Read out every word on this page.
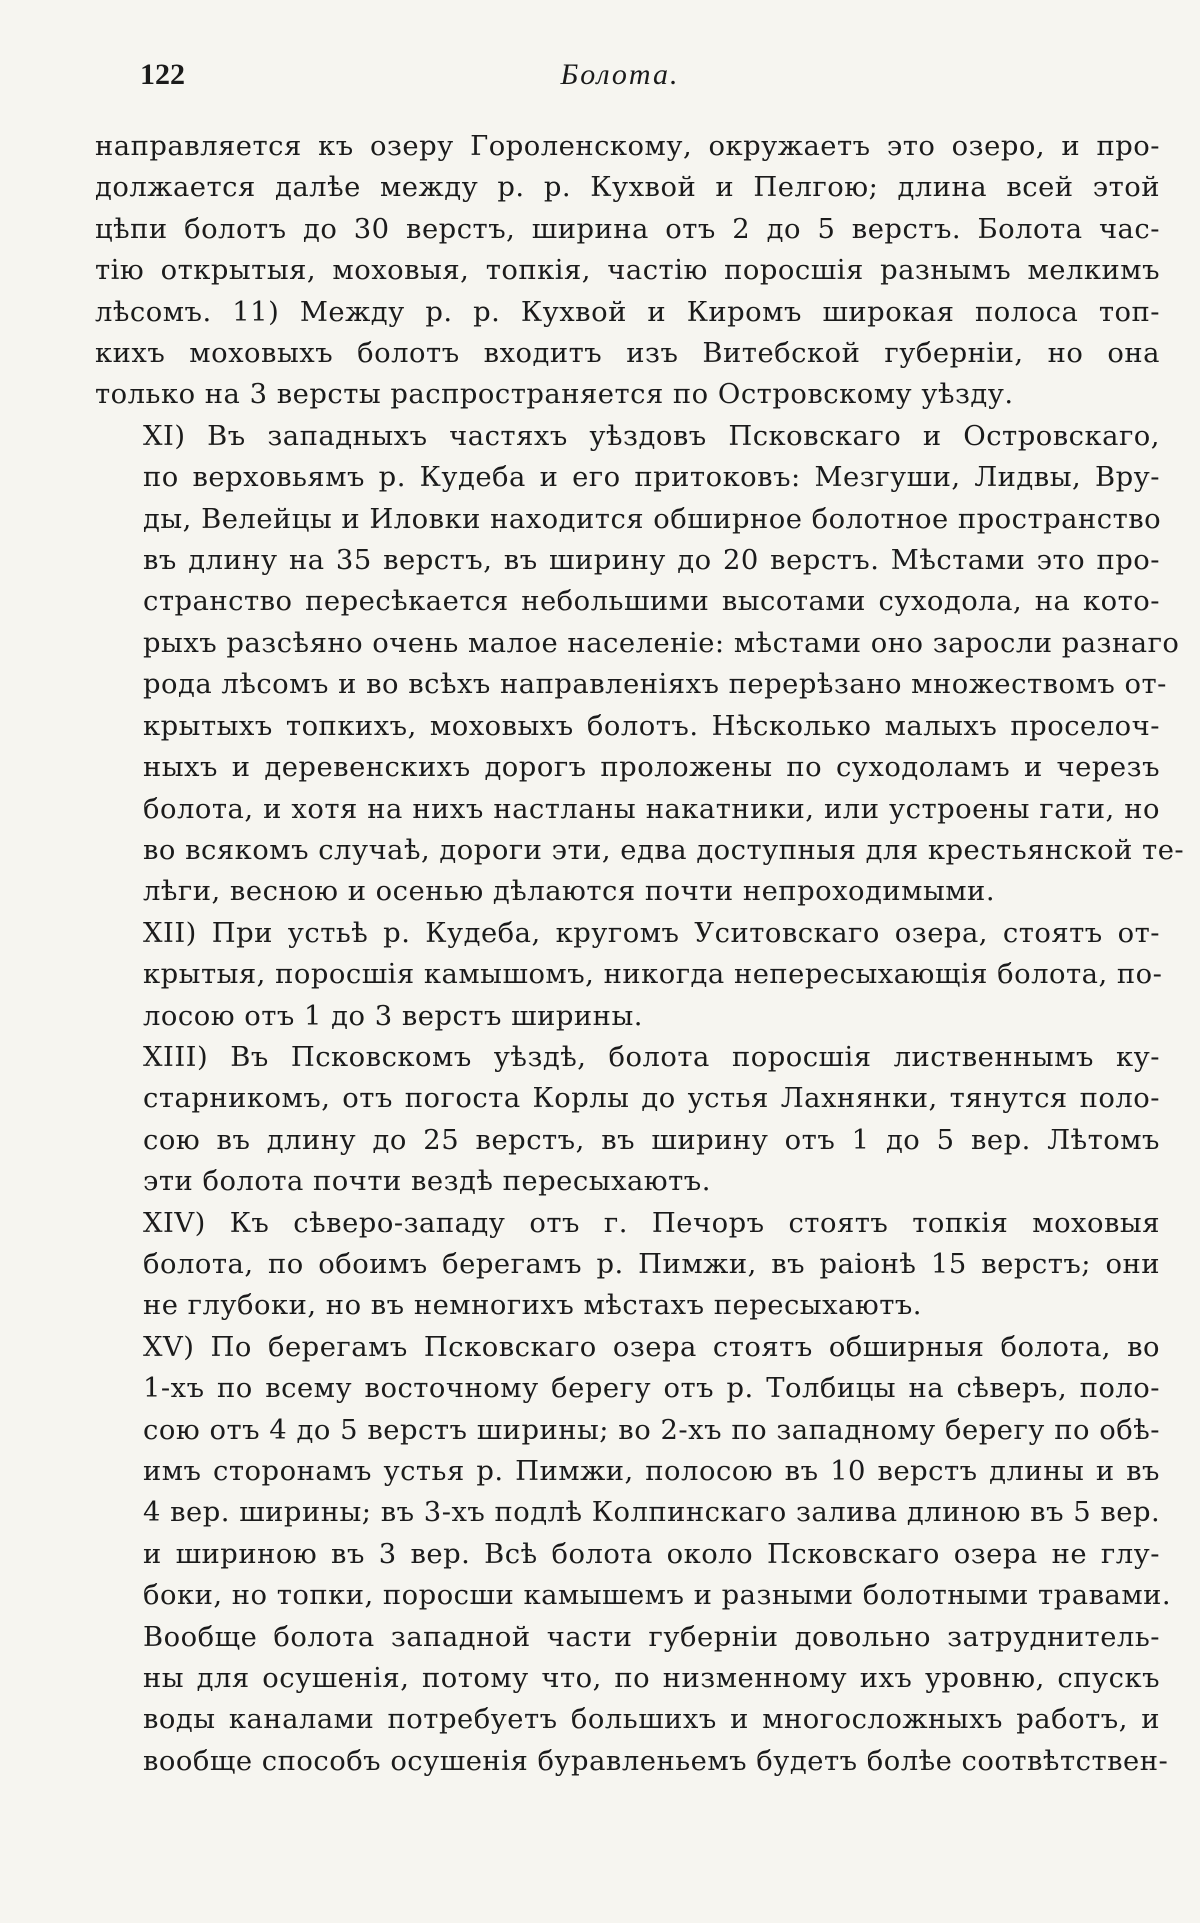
122	Болота.
направляется къ озеру Гороленскому, окружаетъ это озеро, и про-
должается далѣе между р. р. Кухвой и Пелгою; длина всей этой
цѣпи болотъ до 30 верстъ, ширина отъ 2 до 5 верстъ. Болота час-
тію открытыя, моховыя, топкія, частію поросшія разнымъ мелкимъ
лѣсомъ. 11) Между р. р. Кухвой и Киромъ широкая полоса топ-
кихъ моховыхъ болотъ входитъ изъ Витебской губерніи, но она
только на 3 версты распространяется по Островскому уѣзду.
XI) Въ западныхъ частяхъ уѣздовъ Псковскаго и Островскаго,
по верховьямъ р. Кудеба и его притоковъ: Мезгуши, Лидвы, Вру-
ды, Велейцы и Иловки находится обширное болотное пространство
въ длину на 35 верстъ, въ ширину до 20 верстъ. Мѣстами это про-
странство пересѣкается небольшими высотами суходола, на кото-
рыхъ разсѣяно очень малое населеніе: мѣстами оно заросли разнаго
рода лѣсомъ и во всѣхъ направленіяхъ перерѣзано множествомъ от-
крытыхъ топкихъ, моховыхъ болотъ. Нѣсколько малыхъ проселоч-
ныхъ и деревенскихъ дорогъ проложены по суходоламъ и черезъ
болота, и хотя на нихъ настланы накатники, или устроены гати, но
во всякомъ случаѣ, дороги эти, едва доступныя для крестьянской те-
лѣги, весною и осенью дѣлаются почти непроходимыми.
XII) При устьѣ р. Кудеба, кругомъ Уситовскаго озера, стоятъ от-
крытыя, поросшія камышомъ, никогда непересыхающія болота, по-
лосою отъ 1 до 3 верстъ ширины.
XIII) Въ Псковскомъ уѣздѣ, болота поросшія лиственнымъ ку-
старникомъ, отъ погоста Корлы до устья Лахнянки, тянутся поло-
сою въ длину до 25 верстъ, въ ширину отъ 1 до 5 вер. Лѣтомъ
эти болота почти вездѣ пересыхаютъ.
XIV) Къ сѣверо-западу отъ г. Печоръ стоятъ топкія моховыя
болота, по обоимъ берегамъ р. Пимжи, въ раіонѣ 15 верстъ; они
не глубоки, но въ немногихъ мѣстахъ пересыхаютъ.
XV) По берегамъ Псковскаго озера стоятъ обширныя болота, во
1-хъ по всему восточному берегу отъ р. Толбицы на сѣверъ, поло-
сою отъ 4 до 5 верстъ ширины; во 2-хъ по западному берегу по обѣ-
имъ сторонамъ устья р. Пимжи, полосою въ 10 верстъ длины и въ
4 вер. ширины; въ 3-хъ подлѣ Колпинскаго залива длиною въ 5 вер.
и шириною въ 3 вер. Всѣ болота около Псковскаго озера не глу-
боки, но топки, поросши камышемъ и разными болотными травами.
Вообще болота западной части губерніи довольно затруднитель-
ны для осушенія, потому что, по низменному ихъ уровню, спускъ
воды каналами потребуетъ большихъ и многосложныхъ работъ, и
вообще способъ осушенія буравленьемъ будетъ болѣе соотвѣтствен-
